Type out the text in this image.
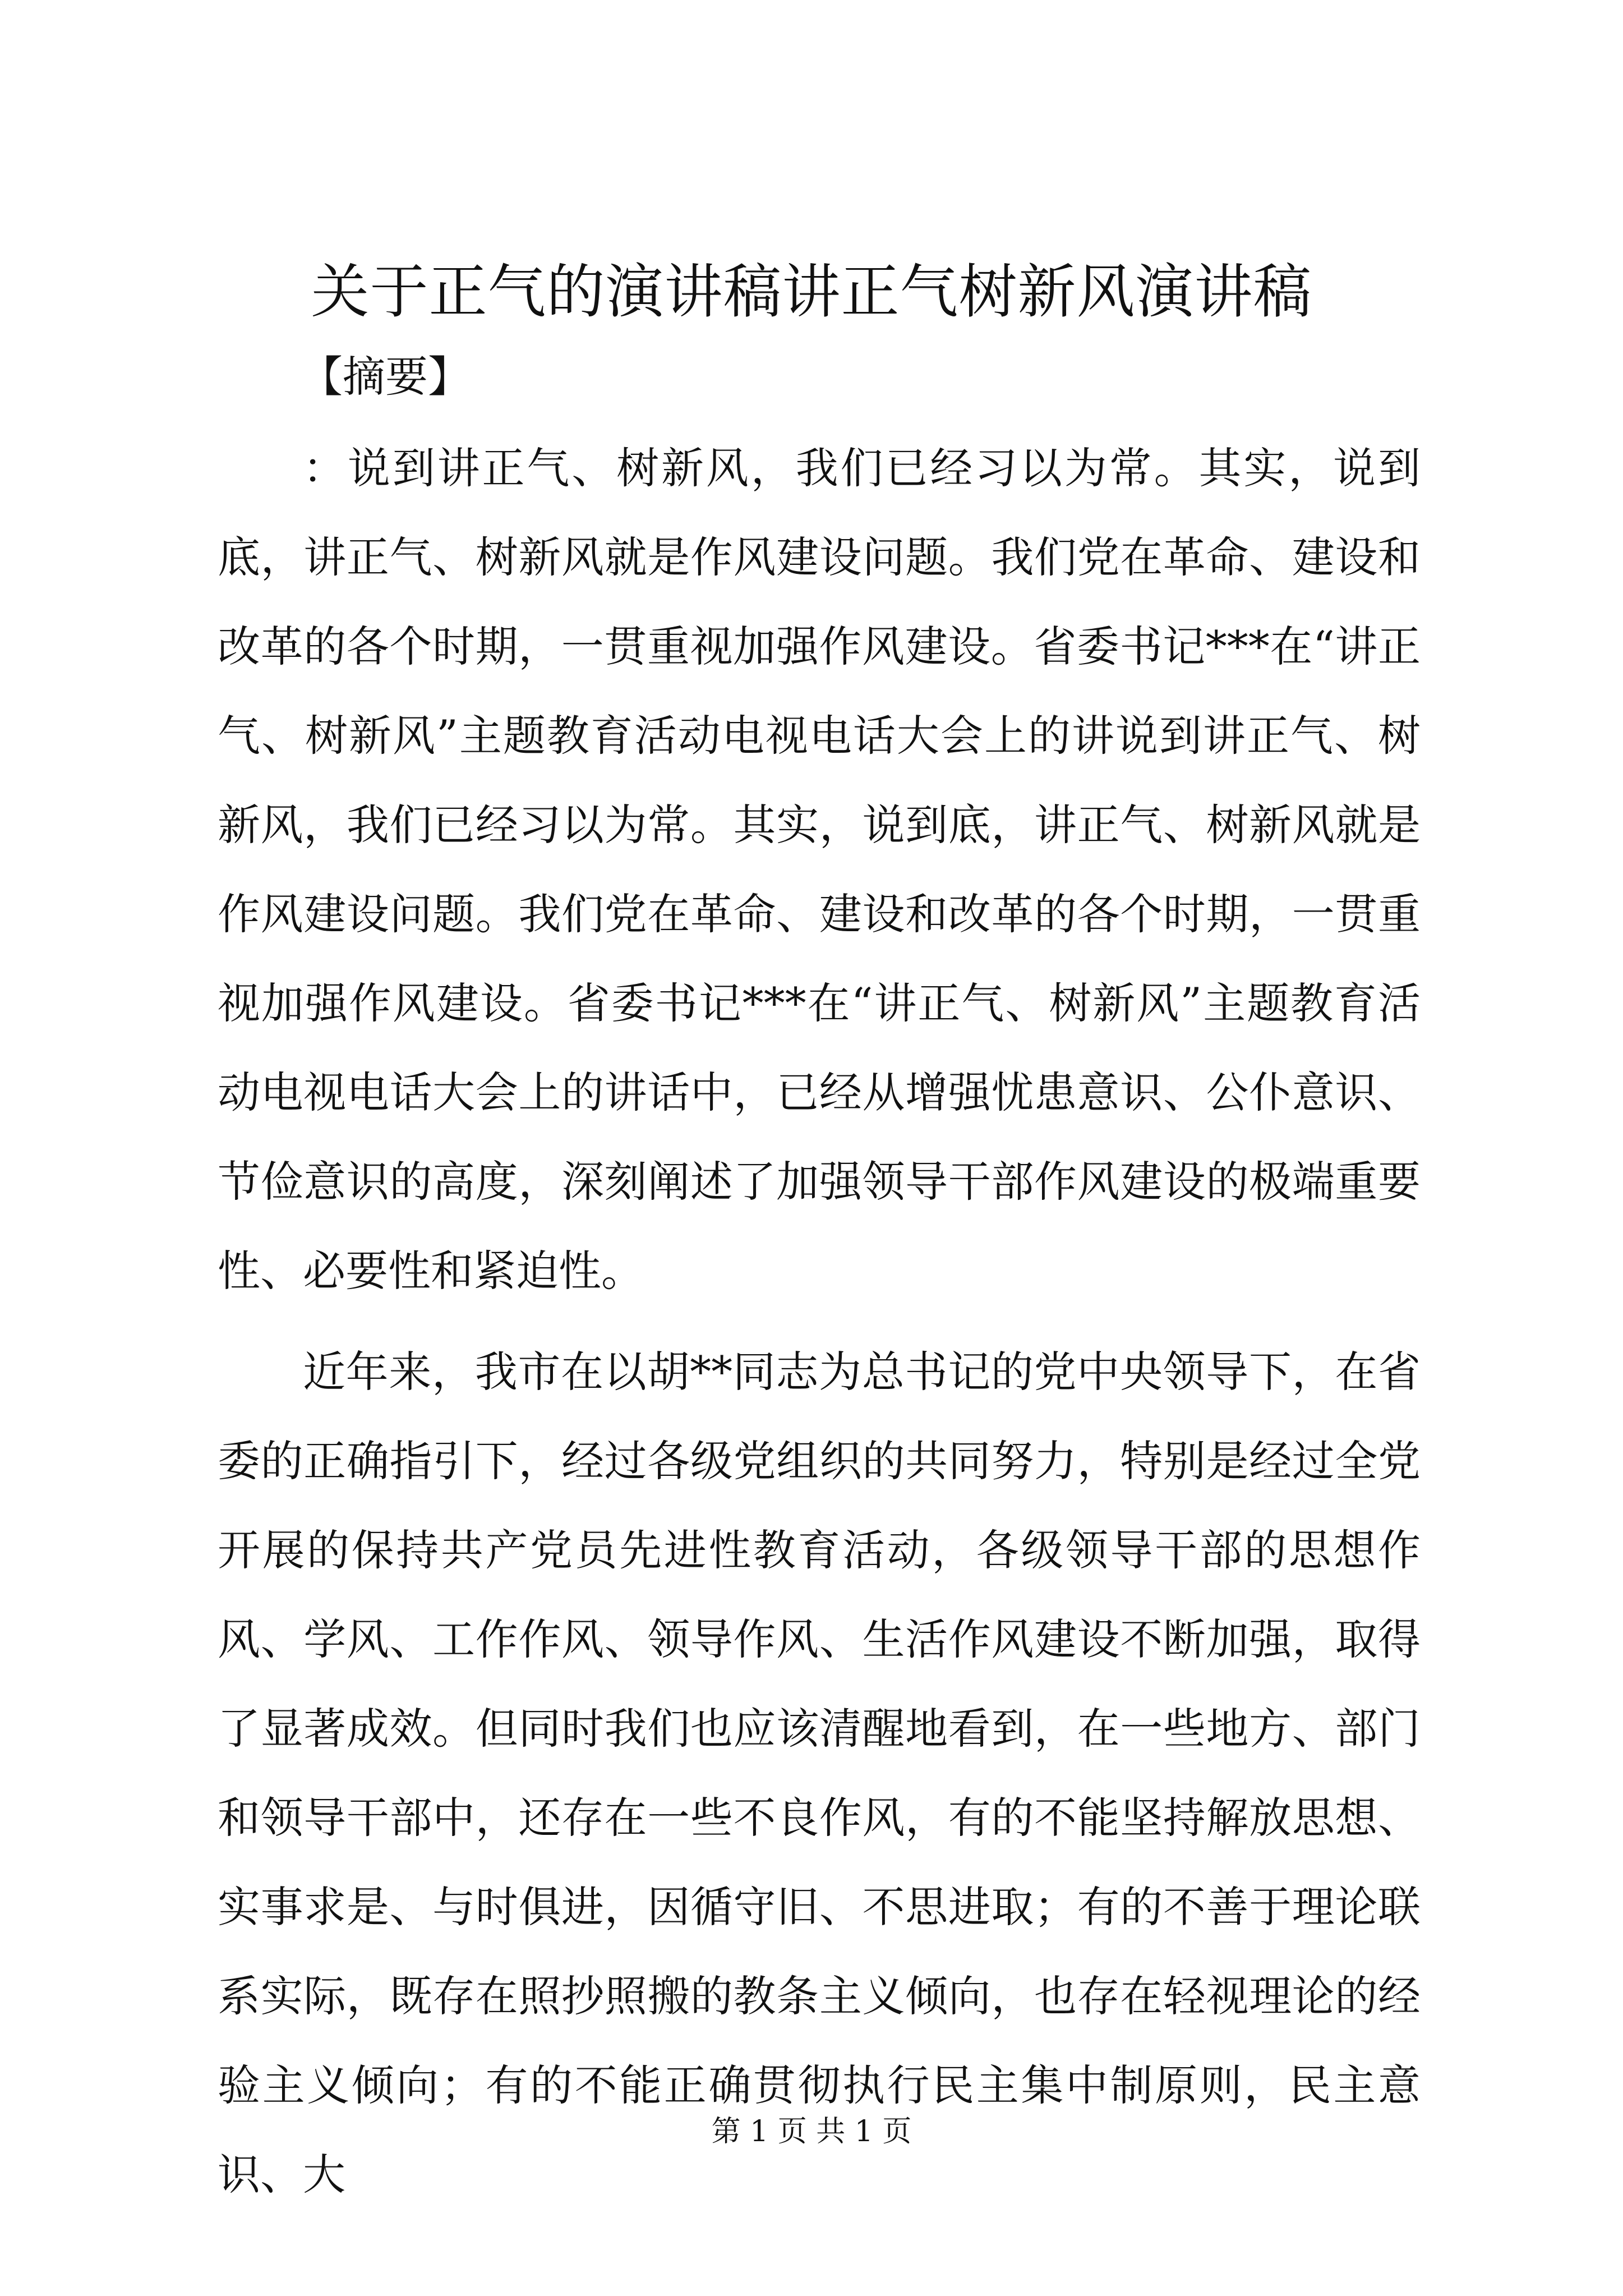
关于正气的演讲稿讲正气树新风演讲稿
【摘要】

：说到讲正气、树新风，我们已经习以为常。其实，说到底，讲正气、树新风就是作风建设问题。我们党在革命、建设和改革的各个时期，一贯重视加强作风建设。省委书记***在“讲正气、树新风”主题教育活动电视电话大会上的讲说到讲正气、树新风，我们已经习以为常。其实，说到底，讲正气、树新风就是作风建设问题。我们党在革命、建设和改革的各个时期，一贯重视加强作风建设。省委书记***在“讲正气、树新风”主题教育活动电视电话大会上的讲话中，已经从增强忧患意识、公仆意识、节俭意识的高度，深刻阐述了加强领导干部作风建设的极端重要性、必要性和紧迫性。

近年来，我市在以胡**同志为总书记的党中央领导下，在省委的正确指引下，经过各级党组织的共同努力，特别是经过全党开展的保持共产党员先进性教育活动，各级领导干部的思想作风、学风、工作作风、领导作风、生活作风建设不断加强，取得了显著成效。但同时我们也应该清醒地看到，在一些地方、部门和领导干部中，还存在一些不良作风，有的不能坚持解放思想、实事求是、与时俱进，因循守旧、不思进取；有的不善于理论联系实际，既存在照抄照搬的教条主义倾向，也存在轻视理论的经验主义倾向；有的不能正确贯彻执行民主集中制原则，民主意识、大

第 1 页 共 1 页
